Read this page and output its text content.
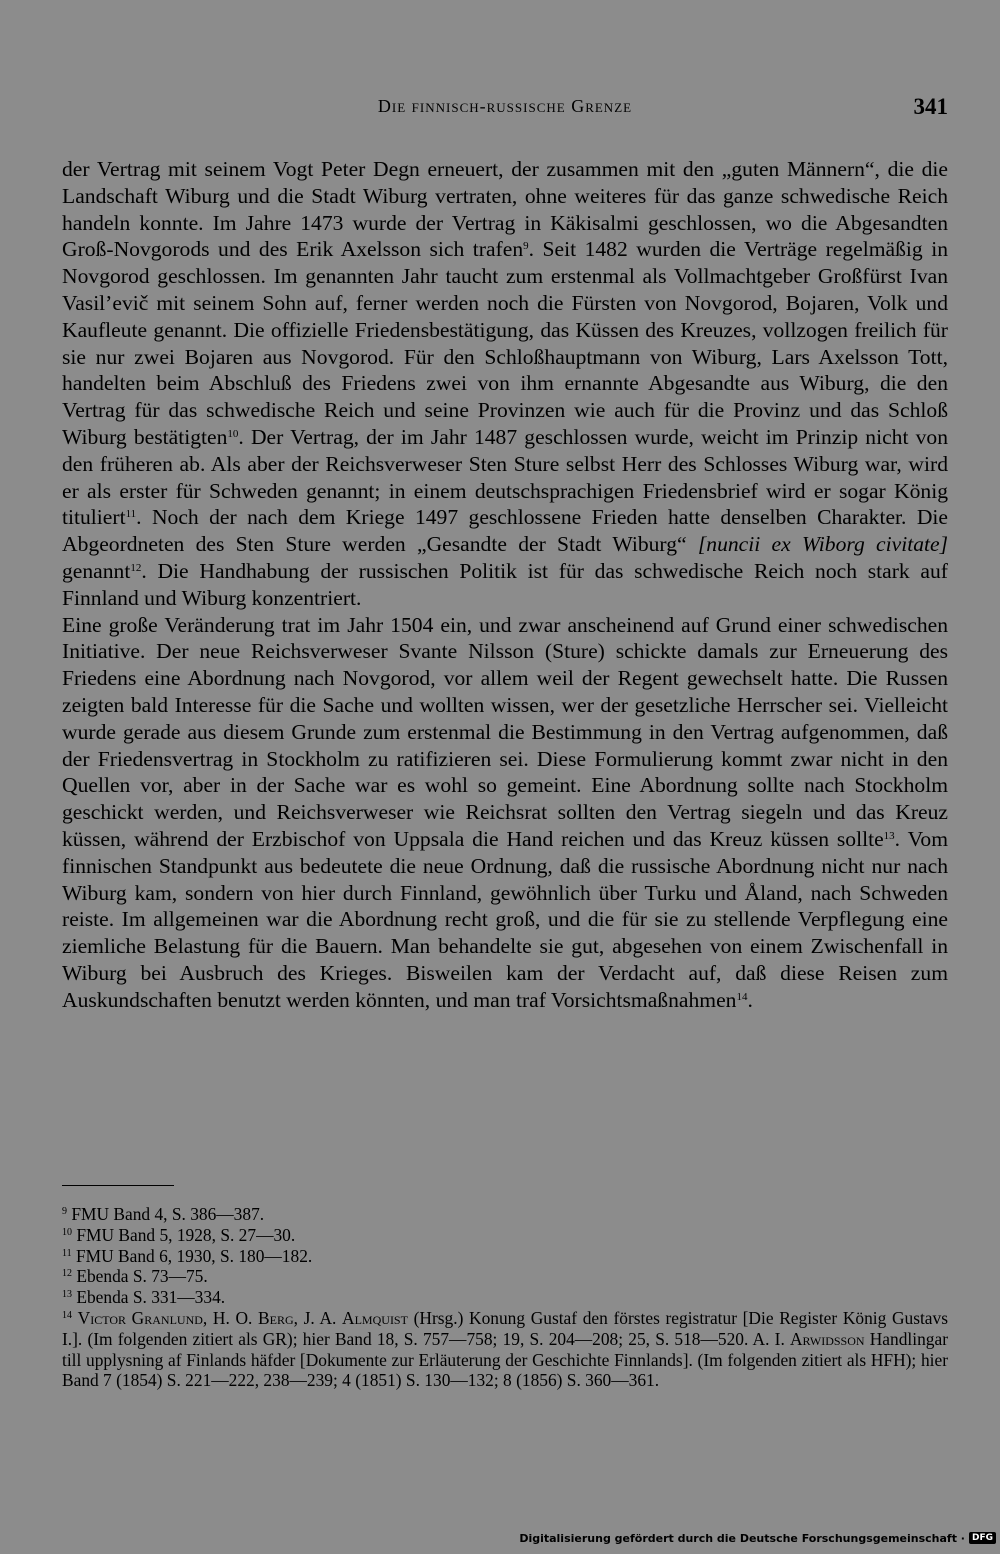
Die finnisch-russische Grenze	341

der Vertrag mit seinem Vogt Peter Degn erneuert, der zusammen mit den „guten Männern“, die die Landschaft Wiburg und die Stadt Wiburg vertraten, ohne weiteres für das ganze schwedische Reich handeln konnte. Im Jahre 1473 wurde der Vertrag in Käkisalmi geschlossen, wo die Abgesandten Groß-Novgorods und des Erik Axelsson sich trafen$^9$. Seit 1482 wurden die Verträge regelmäßig in Novgorod geschlossen. Im genannten Jahr taucht zum erstenmal als Vollmachtgeber Großfürst Ivan Vasil’evič mit seinem Sohn auf, ferner werden noch die Fürsten von Novgorod, Bojaren, Volk und Kaufleute genannt. Die offizielle Friedensbestätigung, das Küssen des Kreuzes, vollzogen freilich für sie nur zwei Bojaren aus Novgorod. Für den Schloßhauptmann von Wiburg, Lars Axelsson Tott, handelten beim Abschluß des Friedens zwei von ihm ernannte Abgesandte aus Wiburg, die den Vertrag für das schwedische Reich und seine Provinzen wie auch für die Provinz und das Schloß Wiburg bestätigten$^{10}$. Der Vertrag, der im Jahr 1487 geschlossen wurde, weicht im Prinzip nicht von den früheren ab. Als aber der Reichsverweser Sten Sture selbst Herr des Schlosses Wiburg war, wird er als erster für Schweden genannt; in einem deutschsprachigen Friedensbrief wird er sogar König tituliert$^{11}$. Noch der nach dem Kriege 1497 geschlossene Frieden hatte denselben Charakter. Die Abgeordneten des Sten Sture werden „Gesandte der Stadt Wiburg“ [nuncii ex Wiborg civitate] genannt$^{12}$. Die Handhabung der russischen Politik ist für das schwedische Reich noch stark auf Finnland und Wiburg konzentriert.

Eine große Veränderung trat im Jahr 1504 ein, und zwar anscheinend auf Grund einer schwedischen Initiative. Der neue Reichsverweser Svante Nilsson (Sture) schickte damals zur Erneuerung des Friedens eine Abordnung nach Novgorod, vor allem weil der Regent gewechselt hatte. Die Russen zeigten bald Interesse für die Sache und wollten wissen, wer der gesetzliche Herrscher sei. Vielleicht wurde gerade aus diesem Grunde zum erstenmal die Bestimmung in den Vertrag aufgenommen, daß der Friedensvertrag in Stockholm zu ratifizieren sei. Diese Formulierung kommt zwar nicht in den Quellen vor, aber in der Sache war es wohl so gemeint. Eine Abordnung sollte nach Stockholm geschickt werden, und Reichsverweser wie Reichsrat sollten den Vertrag siegeln und das Kreuz küssen, während der Erzbischof von Uppsala die Hand reichen und das Kreuz küssen sollte$^{13}$. Vom finnischen Standpunkt aus bedeutete die neue Ordnung, daß die russische Abordnung nicht nur nach Wiburg kam, sondern von hier durch Finnland, gewöhnlich über Turku und Åland, nach Schweden reiste. Im allgemeinen war die Abordnung recht groß, und die für sie zu stellende Verpflegung eine ziemliche Belastung für die Bauern. Man behandelte sie gut, abgesehen von einem Zwischenfall in Wiburg bei Ausbruch des Krieges. Bisweilen kam der Verdacht auf, daß diese Reisen zum Auskundschaften benutzt werden könnten, und man traf Vorsichtsmaßnahmen$^{14}$.

$^9$ FMU Band 4, S. 386—387.

$^{10}$ FMU Band 5, 1928, S. 27—30.

$^{11}$ FMU Band 6, 1930, S. 180—182.

$^{12}$ Ebenda S. 73—75.

$^{13}$ Ebenda S. 331—334.

$^{14}$ Victor Granlund, H. O. Berg, J. A. Almquist (Hrsg.) Konung Gustaf den förstes registratur [Die Register König Gustavs I.]. (Im folgenden zitiert als GR); hier Band 18, S. 757—758; 19, S. 204—208; 25, S. 518—520. A. I. Arwidsson Handlingar till upplysning af Finlands häfder [Dokumente zur Erläuterung der Geschichte Finnlands]. (Im folgenden zitiert als HFH); hier Band 7 (1854) S. 221—222, 238—239; 4 (1851) S. 130—132; 8 (1856) S. 360—361.

Digitalisierung gefördert durch die Deutsche Forschungsgemeinschaft · DFG
